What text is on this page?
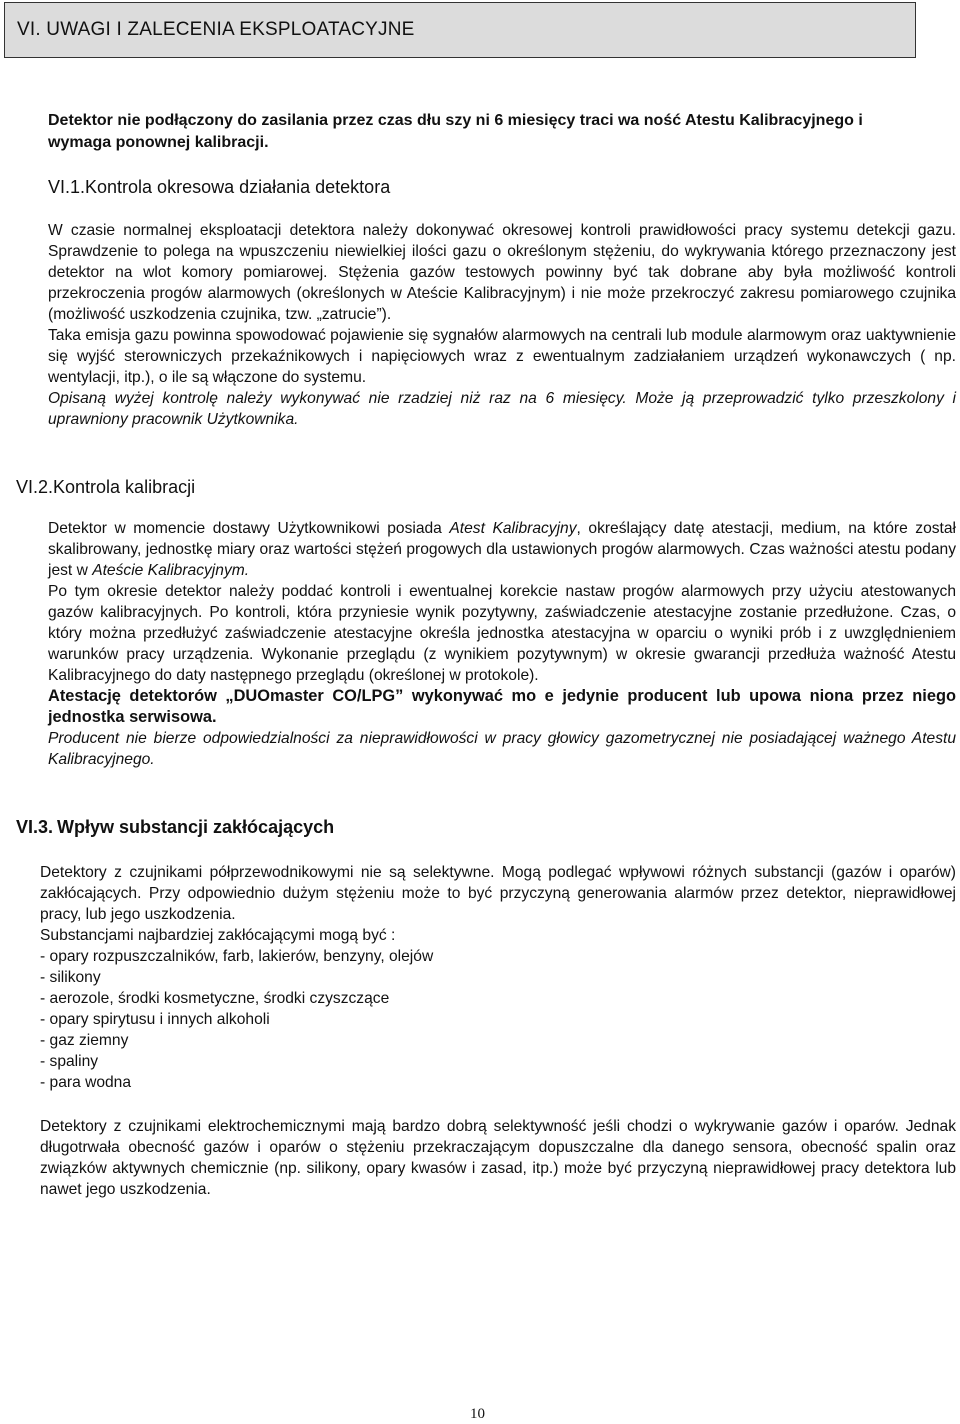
VI. UWAGI I ZALECENIA EKSPLOATACYJNE
Detektor nie podłączony do zasilania przez czas dłu szy ni 6 miesięcy traci wa ność Atestu Kalibracyjnego i wymaga ponownej kalibracji.
VI.1. Kontrola okresowa działania detektora

W czasie normalnej eksploatacji detektora należy dokonywać okresowej kontroli prawidłowości pracy systemu detekcji gazu. Sprawdzenie to polega na wpuszczeniu niewielkiej ilości gazu o określonym stężeniu, do wykrywania którego przeznaczony jest detektor na wlot komory pomiarowej. Stężenia gazów testowych powinny być tak dobrane aby była możliwość kontroli przekroczenia progów alarmowych (określonych w Ateście Kalibracyjnym) i nie może przekroczyć zakresu pomiarowego czujnika (możliwość uszkodzenia czujnika, tzw. „zatrucie”).

Taka emisja gazu powinna spowodować pojawienie się sygnałów alarmowych na centrali lub module alarmowym oraz uaktywnienie się wyjść sterowniczych przekaźnikowych i napięciowych wraz z ewentualnym zadziałaniem urządzeń wykonawczych ( np. wentylacji, itp.), o ile są włączone do systemu.

Opisaną wyżej kontrolę należy wykonywać nie rzadziej niż raz na 6 miesięcy. Może ją przeprowadzić tylko przeszkolony i uprawniony pracownik Użytkownika.

VI.2. Kontrola kalibracji

Detektor w momencie dostawy Użytkownikowi posiada Atest Kalibracyjny, określający datę atestacji, medium, na które został skalibrowany, jednostkę miary oraz wartości stężeń progowych dla ustawionych progów alarmowych. Czas ważności atestu podany jest w Ateście Kalibracyjnym.

Po tym okresie detektor należy poddać kontroli i ewentualnej korekcie nastaw progów alarmowych przy użyciu atestowanych gazów kalibracyjnych. Po kontroli, która przyniesie wynik pozytywny, zaświadczenie atestacyjne zostanie przedłużone. Czas, o który można przedłużyć zaświadczenie atestacyjne określa jednostka atestacyjna w oparciu o wyniki prób i z uwzględnieniem warunków pracy urządzenia. Wykonanie przeglądu (z wynikiem pozytywnym) w okresie gwarancji przedłuża ważność Atestu Kalibracyjnego do daty następnego przeglądu (określonej w protokole).

Atestację detektorów „DUOmaster CO/LPG” wykonywać mo e jedynie producent lub upowa niona przez niego jednostka serwisowa.

Producent nie bierze odpowiedzialności za nieprawidłowości w pracy głowicy gazometrycznej nie posiadającej ważnego Atestu Kalibracyjnego.

VI.3. Wpływ substancji zakłócających

Detektory z czujnikami półprzewodnikowymi nie są selektywne. Mogą podlegać wpływowi różnych substancji (gazów i oparów) zakłócających. Przy odpowiednio dużym stężeniu może to być przyczyną generowania alarmów przez detektor, nieprawidłowej pracy, lub jego uszkodzenia.

Substancjami najbardziej zakłócającymi mogą być :

- opary rozpuszczalników, farb, lakierów, benzyny, olejów
- silikony
- aerozole, środki kosmetyczne, środki czyszczące
- opary spirytusu i innych alkoholi
- gaz ziemny
- spaliny
- para wodna

Detektory z czujnikami elektrochemicznymi mają bardzo dobrą selektywność jeśli chodzi o wykrywanie gazów i oparów. Jednak długotrwała obecność gazów i oparów o stężeniu przekraczającym dopuszczalne dla danego sensora, obecność spalin oraz związków aktywnych chemicznie (np. silikony, opary kwasów i zasad, itp.) może być przyczyną nieprawidłowej pracy detektora lub nawet jego uszkodzenia.

10
